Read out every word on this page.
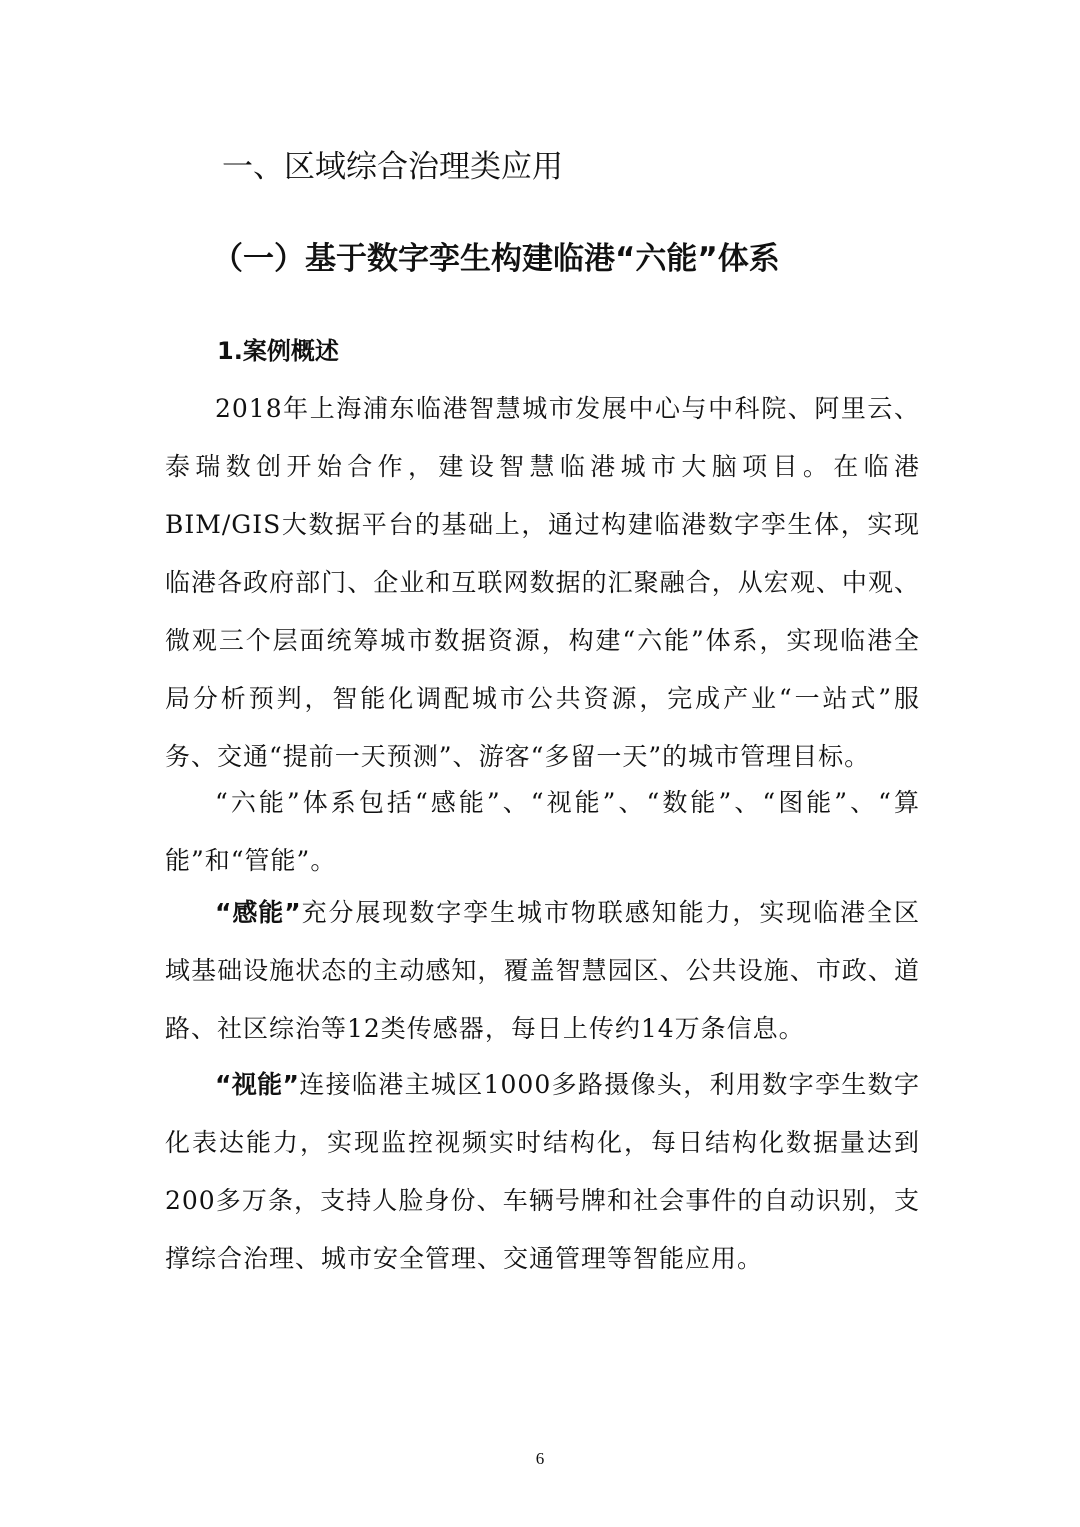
一、区域综合治理类应用
（一）基于数字孪生构建临港“六能”体系
1.案例概述
2018年上海浦东临港智慧城市发展中心与中科院、阿里云、泰瑞数创开始合作，建设智慧临港城市大脑项目。在临港BIM/GIS大数据平台的基础上，通过构建临港数字孪生体，实现临港各政府部门、企业和互联网数据的汇聚融合，从宏观、中观、微观三个层面统筹城市数据资源，构建“六能”体系，实现临港全局分析预判，智能化调配城市公共资源，完成产业“一站式”服务、交通“提前一天预测”、游客“多留一天”的城市管理目标。
“六能”体系包括“感能”、“视能”、“数能”、“图能”、“算能”和“管能”。
“感能”充分展现数字孪生城市物联感知能力，实现临港全区域基础设施状态的主动感知，覆盖智慧园区、公共设施、市政、道路、社区综治等12类传感器，每日上传约14万条信息。
“视能”连接临港主城区1000多路摄像头，利用数字孪生数字化表达能力，实现监控视频实时结构化，每日结构化数据量达到200多万条，支持人脸身份、车辆号牌和社会事件的自动识别，支撑综合治理、城市安全管理、交通管理等智能应用。
6
